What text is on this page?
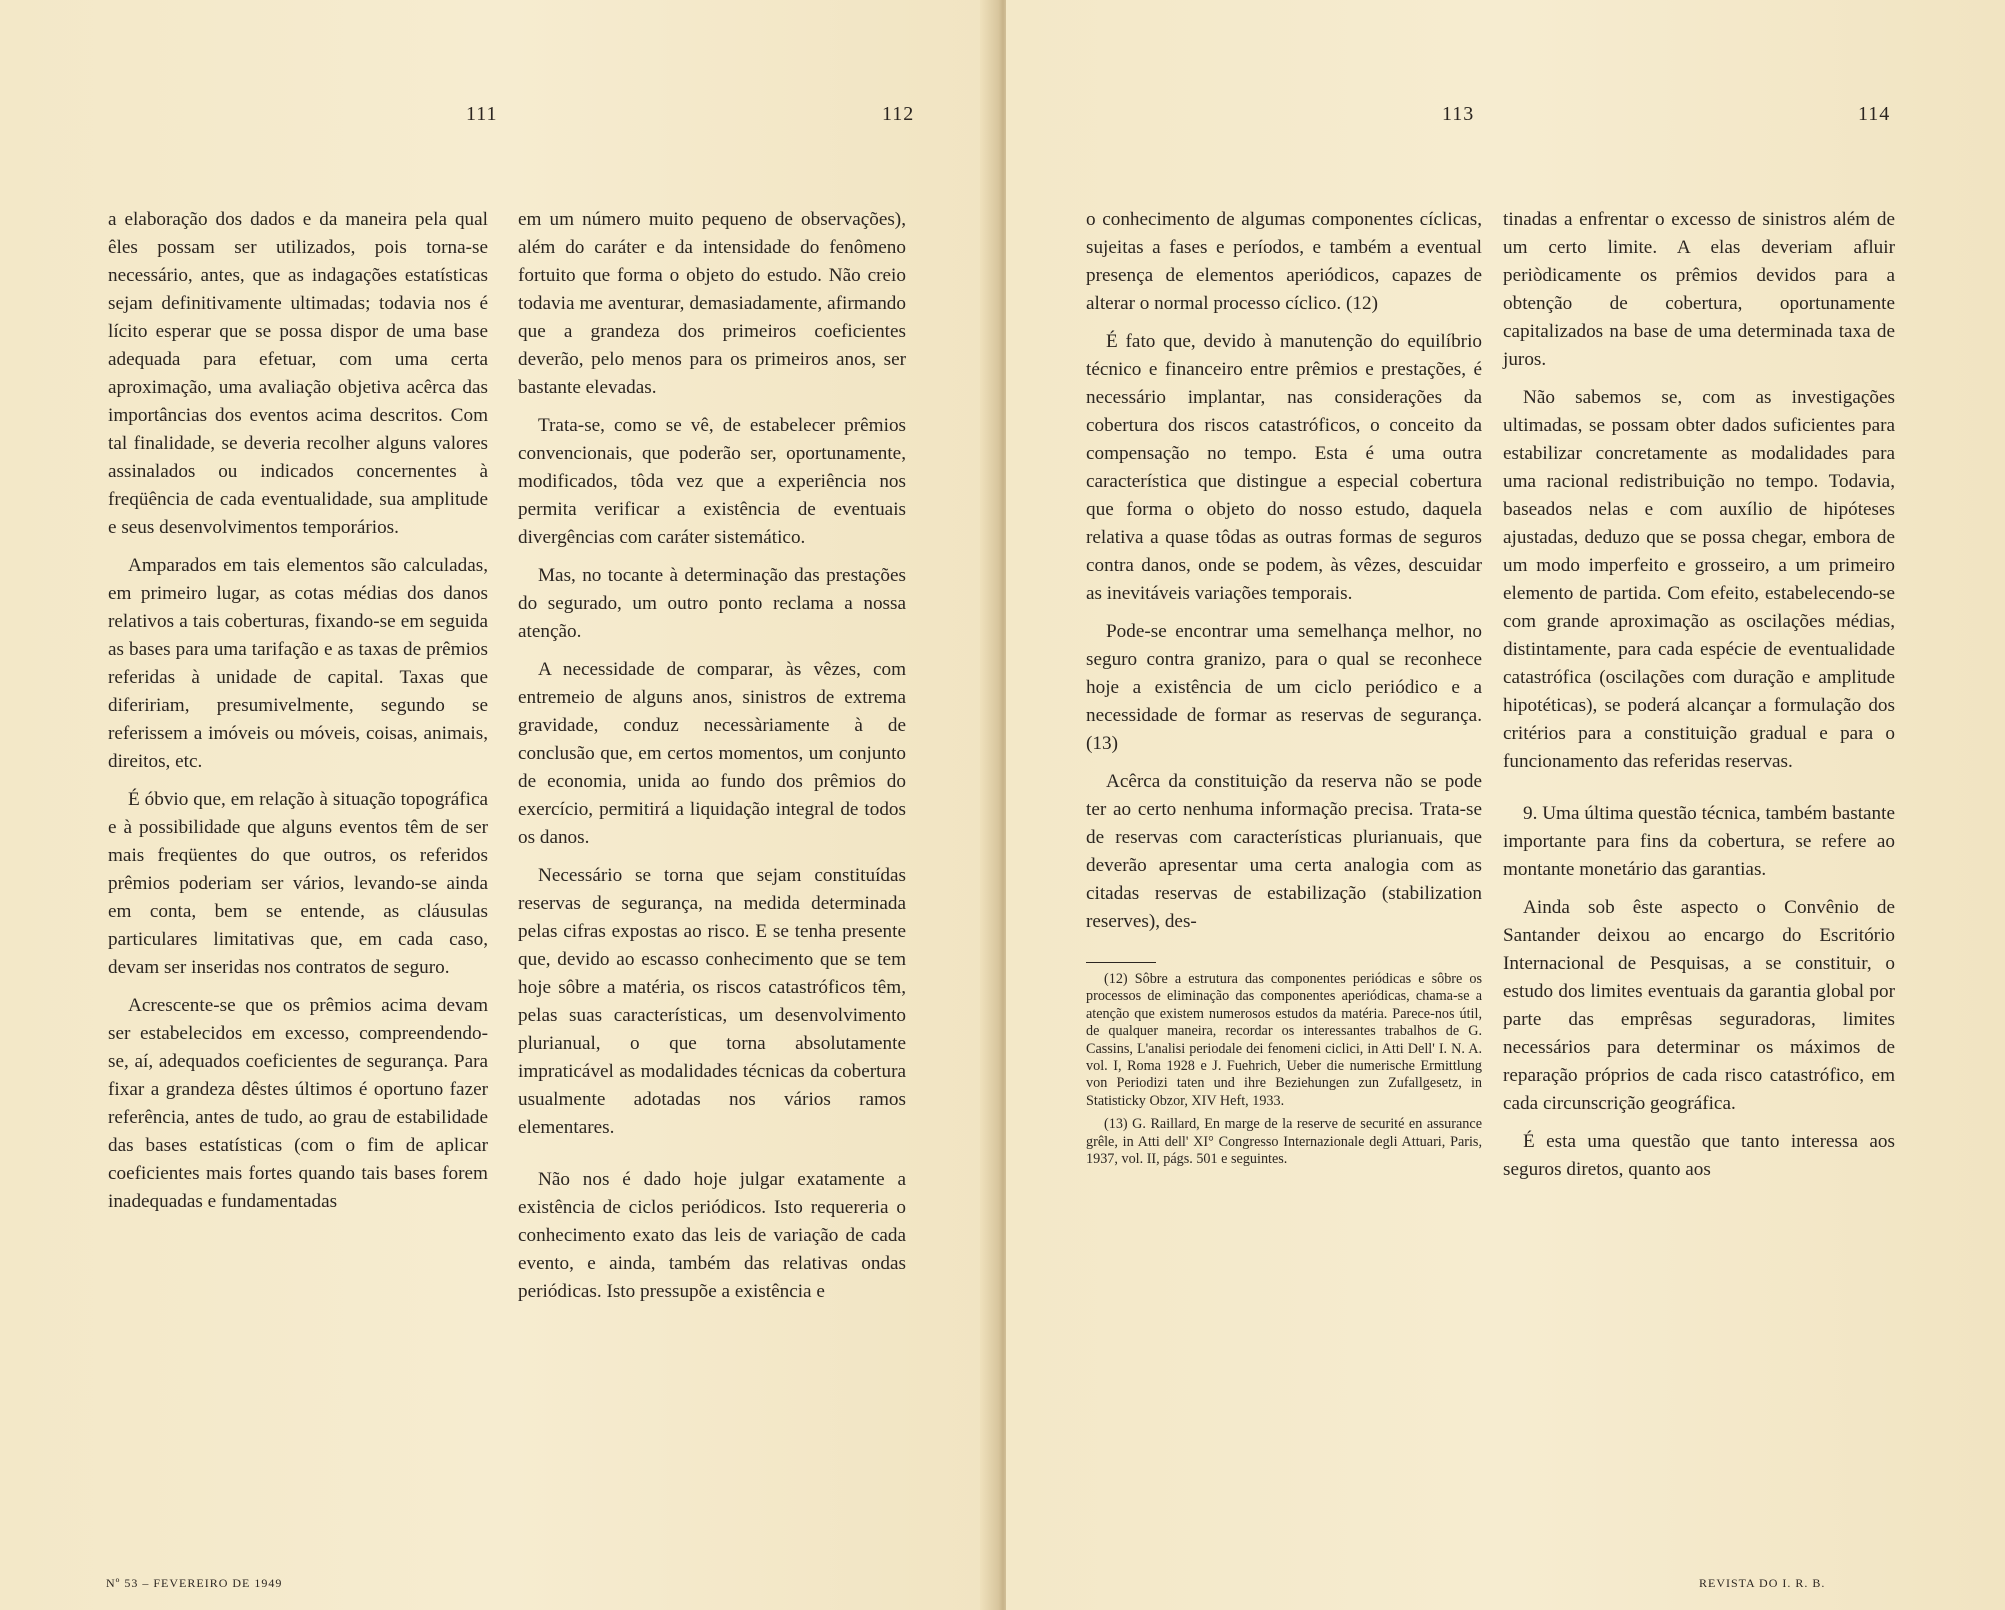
111	112

a elaboração dos dados e da maneira pela qual êles possam ser utilizados, pois torna-se necessário, antes, que as indagações estatísticas sejam definitivamente ultimadas; todavia nos é lícito esperar que se possa dispor de uma base adequada para efetuar, com uma certa aproximação, uma avaliação objetiva acêrca das importâncias dos eventos acima descritos. Com tal finalidade, se deveria recolher alguns valores assinalados ou indicados concernentes à freqüência de cada eventualidade, sua amplitude e seus desenvolvimentos temporários.

Amparados em tais elementos são calculadas, em primeiro lugar, as cotas médias dos danos relativos a tais coberturas, fixando-se em seguida as bases para uma tarifação e as taxas de prêmios referidas à unidade de capital. Taxas que difeririam, presumivelmente, segundo se referissem a imóveis ou móveis, coisas, animais, direitos, etc.

É óbvio que, em relação à situação topográfica e à possibilidade que alguns eventos têm de ser mais freqüentes do que outros, os referidos prêmios poderiam ser vários, levando-se ainda em conta, bem se entende, as cláusulas particulares limitativas que, em cada caso, devam ser inseridas nos contratos de seguro.

Acrescente-se que os prêmios acima devam ser estabelecidos em excesso, compreendendo-se, aí, adequados coeficientes de segurança. Para fixar a grandeza dêstes últimos é oportuno fazer referência, antes de tudo, ao grau de estabilidade das bases estatísticas (com o fim de aplicar coeficientes mais fortes quando tais bases forem inadequadas e fundamentadas

em um número muito pequeno de observações), além do caráter e da intensidade do fenômeno fortuito que forma o objeto do estudo. Não creio todavia me aventurar, demasiadamente, afirmando que a grandeza dos primeiros coeficientes deverão, pelo menos para os primeiros anos, ser bastante elevadas.

Trata-se, como se vê, de estabelecer prêmios convencionais, que poderão ser, oportunamente, modificados, tôda vez que a experiência nos permita verificar a existência de eventuais divergências com caráter sistemático.

Mas, no tocante à determinação das prestações do segurado, um outro ponto reclama a nossa atenção.

A necessidade de comparar, às vêzes, com entremeio de alguns anos, sinistros de extrema gravidade, conduz necessàriamente à de conclusão que, em certos momentos, um conjunto de economia, unida ao fundo dos prêmios do exercício, permitirá a liquidação integral de todos os danos.

Necessário se torna que sejam constituídas reservas de segurança, na medida determinada pelas cifras expostas ao risco. E se tenha presente que, devido ao escasso conhecimento que se tem hoje sôbre a matéria, os riscos catastróficos têm, pelas suas características, um desenvolvimento plurianual, o que torna absolutamente impraticável as modalidades técnicas da cobertura usualmente adotadas nos vários ramos elementares.

Não nos é dado hoje julgar exatamente a existência de ciclos periódicos. Isto requereria o conhecimento exato das leis de variação de cada evento, e ainda, também das relativas ondas periódicas. Isto pressupõe a existência e

Nº 53 – FEVEREIRO DE 1949
113	114

o conhecimento de algumas componentes cíclicas, sujeitas a fases e períodos, e também a eventual presença de elementos aperiódicos, capazes de alterar o normal processo cíclico. (12)

É fato que, devido à manutenção do equilíbrio técnico e financeiro entre prêmios e prestações, é necessário implantar, nas considerações da cobertura dos riscos catastróficos, o conceito da compensação no tempo. Esta é uma outra característica que distingue a especial cobertura que forma o objeto do nosso estudo, daquela relativa a quase tôdas as outras formas de seguros contra danos, onde se podem, às vêzes, descuidar as inevitáveis variações temporais.

Pode-se encontrar uma semelhança melhor, no seguro contra granizo, para o qual se reconhece hoje a existência de um ciclo periódico e a necessidade de formar as reservas de segurança. (13)

Acêrca da constituição da reserva não se pode ter ao certo nenhuma informação precisa. Trata-se de reservas com características plurianuais, que deverão apresentar uma certa analogia com as citadas reservas de estabilização (stabilization reserves), des-

(12) Sôbre a estrutura das componentes periódicas e sôbre os processos de eliminação das componentes aperiódicas, chama-se a atenção que existem numerosos estudos da matéria. Parece-nos útil, de qualquer maneira, recordar os interessantes trabalhos de G. Cassins, L'analisi periodale dei fenomeni ciclici, in Atti Dell' I. N. A. vol. I, Roma 1928 e J. Fuehrich, Ueber die numerische Ermittlung von Periodizi taten und ihre Beziehungen zun Zufallgesetz, in Statisticky Obzor, XIV Heft, 1933.
(13) G. Raillard, En marge de la reserve de securité en assurance grêle, in Atti dell' XI° Congresso Internazionale degli Attuari, Paris, 1937, vol. II, págs. 501 e seguintes.

tinadas a enfrentar o excesso de sinistros além de um certo limite. A elas deveriam afluir periòdicamente os prêmios devidos para a obtenção de cobertura, oportunamente capitalizados na base de uma determinada taxa de juros.

Não sabemos se, com as investigações ultimadas, se possam obter dados suficientes para estabilizar concretamente as modalidades para uma racional redistribuição no tempo. Todavia, baseados nelas e com auxílio de hipóteses ajustadas, deduzo que se possa chegar, embora de um modo imperfeito e grosseiro, a um primeiro elemento de partida. Com efeito, estabelecendo-se com grande aproximação as oscilações médias, distintamente, para cada espécie de eventualidade catastrófica (oscilações com duração e amplitude hipotéticas), se poderá alcançar a formulação dos critérios para a constituição gradual e para o funcionamento das referidas reservas.

9. Uma última questão técnica, também bastante importante para fins da cobertura, se refere ao montante monetário das garantias.

Ainda sob êste aspecto o Convênio de Santander deixou ao encargo do Escritório Internacional de Pesquisas, a se constituir, o estudo dos limites eventuais da garantia global por parte das emprêsas seguradoras, limites necessários para determinar os máximos de reparação próprios de cada risco catastrófico, em cada circunscrição geográfica.

É esta uma questão que tanto interessa aos seguros diretos, quanto aos

REVISTA DO I. R. B.
